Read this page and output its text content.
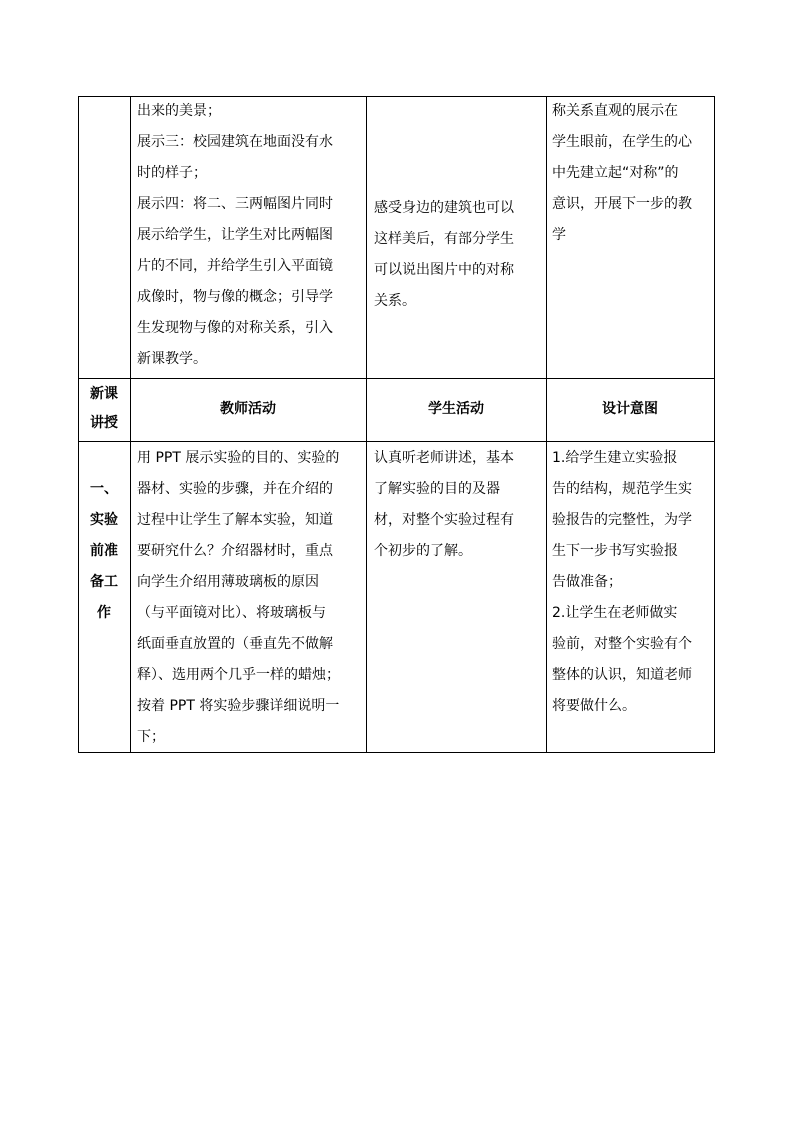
出来的美景；
展示三：校园建筑在地面没有水
时的样子；
展示四：将二、三两幅图片同时
展示给学生，让学生对比两幅图
片的不同，并给学生引入平面镜
成像时，物与像的概念；引导学
生发现物与像的对称关系，引入
新课教学。
感受身边的建筑也可以
这样美后，有部分学生
可以说出图片中的对称
关系。
称关系直观的展示在
学生眼前，在学生的心
中先建立起“对称”的
意识，开展下一步的教
学
新课
讲授
教师活动	学生活动	设计意图
一、
实验
前准
备工
作
用 PPT 展示实验的目的、实验的
器材、实验的步骤，并在介绍的
过程中让学生了解本实验，知道
要研究什么？介绍器材时，重点
向学生介绍用薄玻璃板的原因
（与平面镜对比）、将玻璃板与
纸面垂直放置的（垂直先不做解
释）、选用两个几乎一样的蜡烛；
按着 PPT 将实验步骤详细说明一
下；
认真听老师讲述，基本
了解实验的目的及器
材，对整个实验过程有
个初步的了解。
1.给学生建立实验报
告的结构，规范学生实
验报告的完整性，为学
生下一步书写实验报
告做准备；
2.让学生在老师做实
验前，对整个实验有个
整体的认识，知道老师
将要做什么。
